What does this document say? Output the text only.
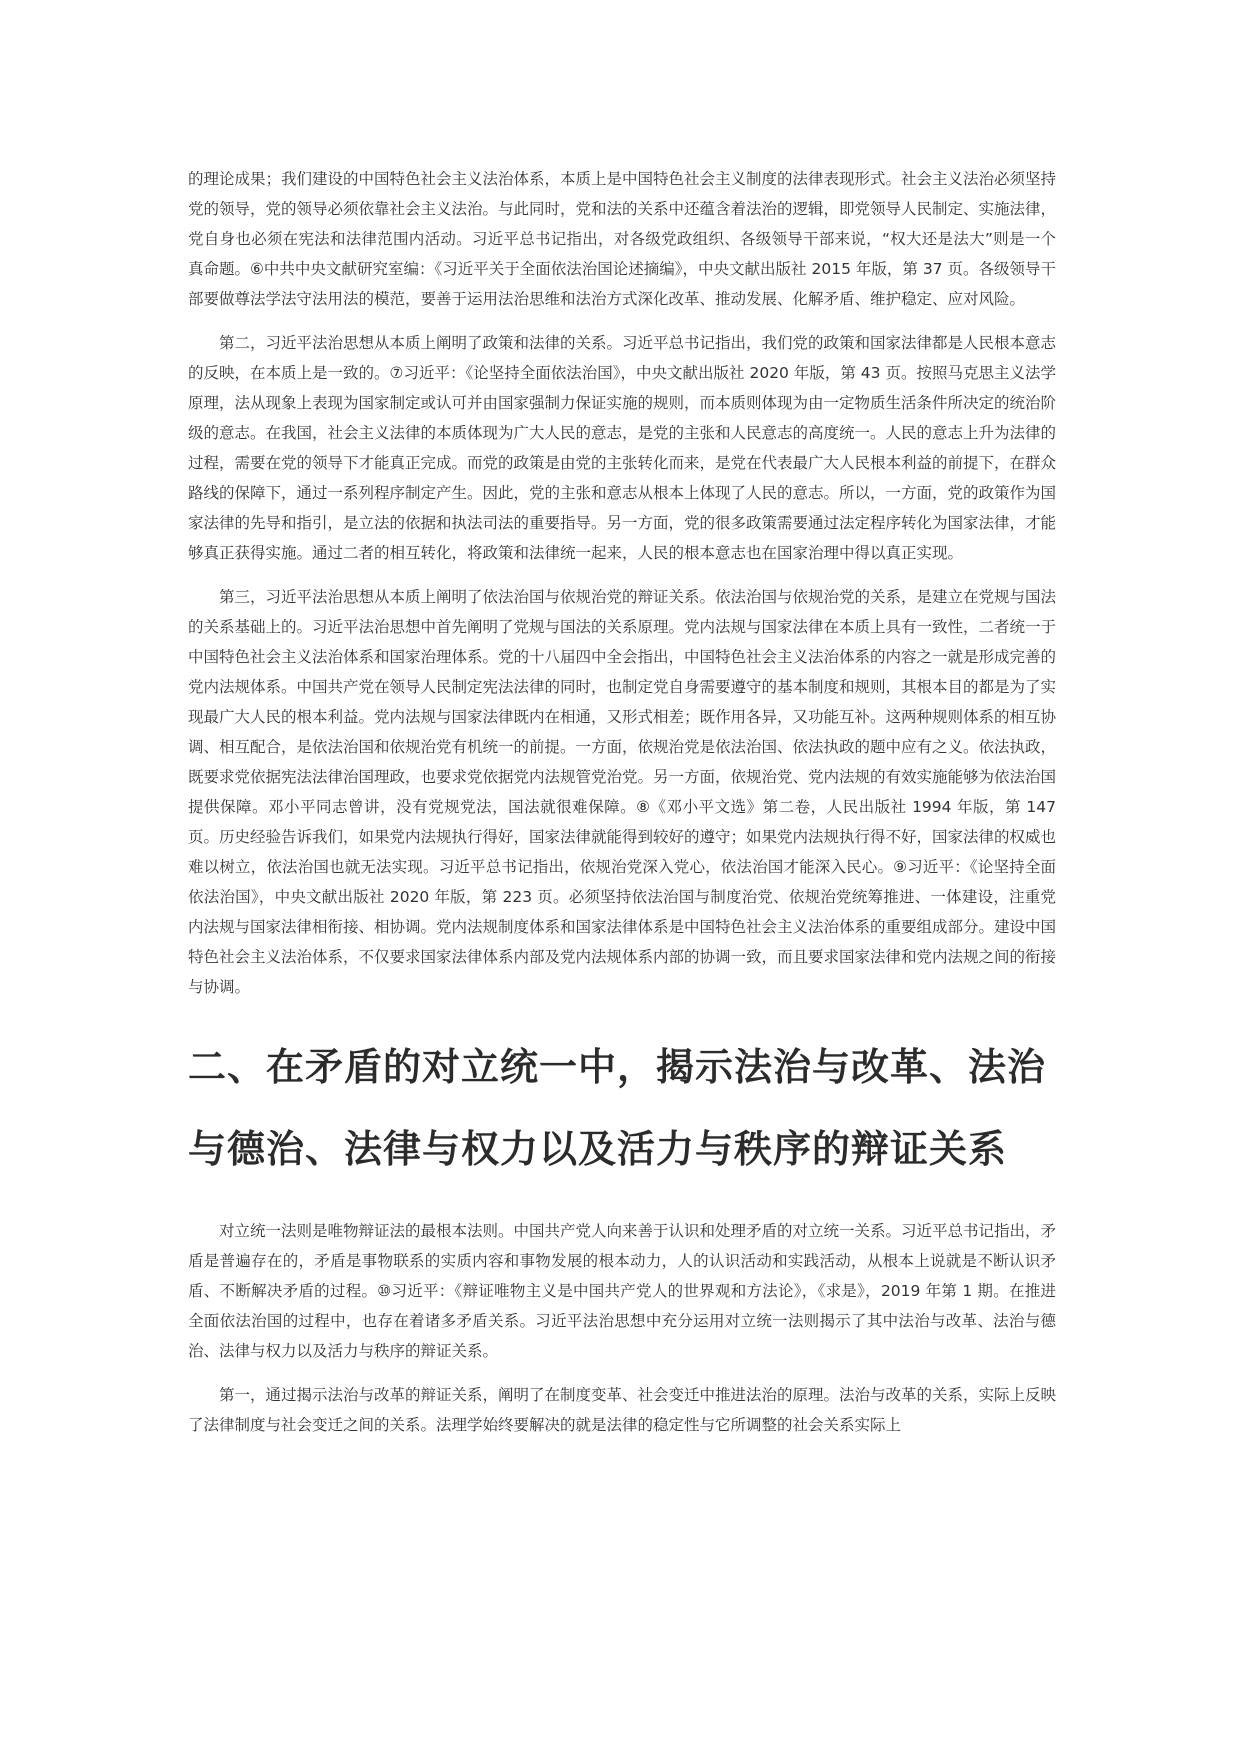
的理论成果；我们建设的中国特色社会主义法治体系，本质上是中国特色社会主义制度的法律表现形式。社会主义法治必须坚持党的领导，党的领导必须依靠社会主义法治。与此同时，党和法的关系中还蕴含着法治的逻辑，即党领导人民制定、实施法律，党自身也必须在宪法和法律范围内活动。习近平总书记指出，对各级党政组织、各级领导干部来说，“权大还是法大”则是一个真命题。⑥中共中央文献研究室编：《习近平关于全面依法治国论述摘编》，中央文献出版社 2015 年版，第 37 页。各级领导干部要做尊法学法守法用法的模范，要善于运用法治思维和法治方式深化改革、推动发展、化解矛盾、维护稳定、应对风险。

第二，习近平法治思想从本质上阐明了政策和法律的关系。习近平总书记指出，我们党的政策和国家法律都是人民根本意志的反映，在本质上是一致的。⑦习近平：《论坚持全面依法治国》，中央文献出版社 2020 年版，第 43 页。按照马克思主义法学原理，法从现象上表现为国家制定或认可并由国家强制力保证实施的规则，而本质则体现为由一定物质生活条件所决定的统治阶级的意志。在我国，社会主义法律的本质体现为广大人民的意志，是党的主张和人民意志的高度统一。人民的意志上升为法律的过程，需要在党的领导下才能真正完成。而党的政策是由党的主张转化而来，是党在代表最广大人民根本利益的前提下，在群众路线的保障下，通过一系列程序制定产生。因此，党的主张和意志从根本上体现了人民的意志。所以，一方面，党的政策作为国家法律的先导和指引，是立法的依据和执法司法的重要指导。另一方面，党的很多政策需要通过法定程序转化为国家法律，才能够真正获得实施。通过二者的相互转化，将政策和法律统一起来，人民的根本意志也在国家治理中得以真正实现。

第三，习近平法治思想从本质上阐明了依法治国与依规治党的辩证关系。依法治国与依规治党的关系，是建立在党规与国法的关系基础上的。习近平法治思想中首先阐明了党规与国法的关系原理。党内法规与国家法律在本质上具有一致性，二者统一于中国特色社会主义法治体系和国家治理体系。党的十八届四中全会指出，中国特色社会主义法治体系的内容之一就是形成完善的党内法规体系。中国共产党在领导人民制定宪法法律的同时，也制定党自身需要遵守的基本制度和规则，其根本目的都是为了实现最广大人民的根本利益。党内法规与国家法律既内在相通，又形式相差；既作用各异，又功能互补。这两种规则体系的相互协调、相互配合，是依法治国和依规治党有机统一的前提。一方面，依规治党是依法治国、依法执政的题中应有之义。依法执政，既要求党依据宪法法律治国理政，也要求党依据党内法规管党治党。另一方面，依规治党、党内法规的有效实施能够为依法治国提供保障。邓小平同志曾讲，没有党规党法，国法就很难保障。⑧《邓小平文选》第二卷，人民出版社 1994 年版，第 147 页。历史经验告诉我们，如果党内法规执行得好，国家法律就能得到较好的遵守；如果党内法规执行得不好，国家法律的权威也难以树立，依法治国也就无法实现。习近平总书记指出，依规治党深入党心，依法治国才能深入民心。⑨习近平：《论坚持全面依法治国》，中央文献出版社 2020 年版，第 223 页。必须坚持依法治国与制度治党、依规治党统筹推进、一体建设，注重党内法规与国家法律相衔接、相协调。党内法规制度体系和国家法律体系是中国特色社会主义法治体系的重要组成部分。建设中国特色社会主义法治体系，不仅要求国家法律体系内部及党内法规体系内部的协调一致，而且要求国家法律和党内法规之间的衔接与协调。

二、在矛盾的对立统一中，揭示法治与改革、法治与德治、法律与权力以及活力与秩序的辩证关系

对立统一法则是唯物辩证法的最根本法则。中国共产党人向来善于认识和处理矛盾的对立统一关系。习近平总书记指出，矛盾是普遍存在的，矛盾是事物联系的实质内容和事物发展的根本动力，人的认识活动和实践活动，从根本上说就是不断认识矛盾、不断解决矛盾的过程。⑩习近平：《辩证唯物主义是中国共产党人的世界观和方法论》，《求是》，2019 年第 1 期。在推进全面依法治国的过程中，也存在着诸多矛盾关系。习近平法治思想中充分运用对立统一法则揭示了其中法治与改革、法治与德治、法律与权力以及活力与秩序的辩证关系。

第一，通过揭示法治与改革的辩证关系，阐明了在制度变革、社会变迁中推进法治的原理。法治与改革的关系，实际上反映了法律制度与社会变迁之间的关系。法理学始终要解决的就是法律的稳定性与它所调整的社会关系实际上
